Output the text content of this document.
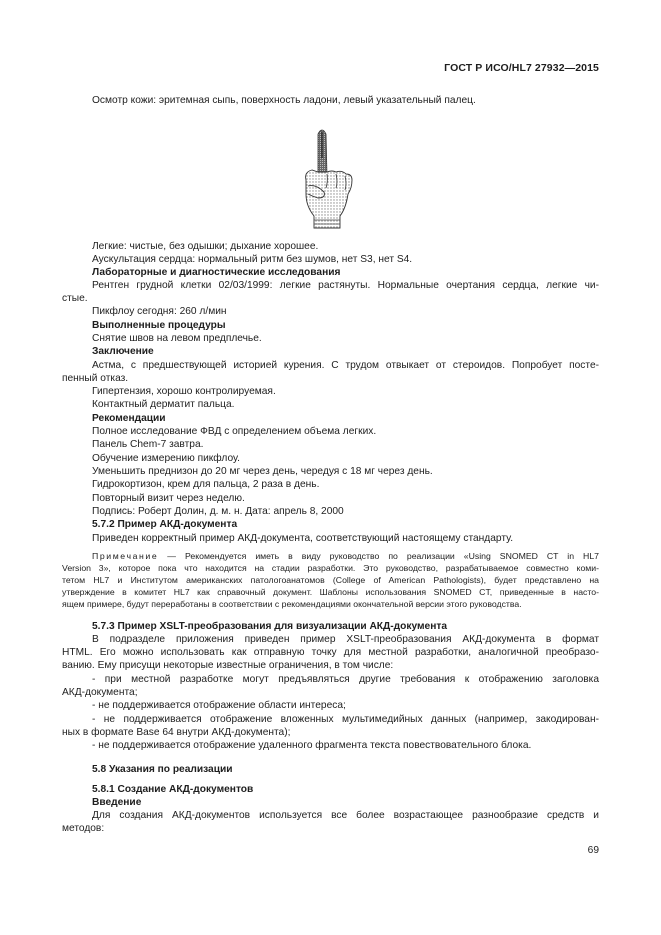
ГОСТ Р ИСО/HL7 27932—2015
Осмотр кожи: эритемная сыпь, поверхность ладони, левый указательный палец.
Легкие: чистые, без одышки; дыхание хорошее.
Аускультация сердца: нормальный ритм без шумов, нет S3, нет S4.
Лабораторные и диагностические исследования
Рентген грудной клетки 02/03/1999: легкие растянуты. Нормальные очертания сердца, легкие чи-
стые.
Пикфлоу сегодня: 260 л/мин
Выполненные процедуры
Снятие швов на левом предплечье.
Заключение
Астма, с предшествующей историей курения. С трудом отвыкает от стероидов. Попробует посте-
пенный отказ.
Гипертензия, хорошо контролируемая.
Контактный дерматит пальца.
Рекомендации
Полное исследование ФВД с определением объема легких.
Панель Chem-7 завтра.
Обучение измерению пикфлоу.
Уменьшить преднизон до 20 мг через день, чередуя с 18 мг через день.
Гидрокортизон, крем для пальца, 2 раза в день.
Повторный визит через неделю.
Подпись: Роберт Долин, д. м. н. Дата: апрель 8, 2000
5.7.2 Пример АКД-документа
Приведен корректный пример АКД-документа, соответствующий настоящему стандарту.
Примечание — Рекомендуется иметь в виду руководство по реализации «Using SNOMED CT in HL7
Version 3», которое пока что находится на стадии разработки. Это руководство, разрабатываемое совместно коми-
тетом HL7 и Институтом американских патологоанатомов (College of American Pathologists), будет представлено на
утверждение в комитет HL7 как справочный документ. Шаблоны использования SNOMED CT, приведенные в насто-
ящем примере, будут переработаны в соответствии с рекомендациями окончательной версии этого руководства.
5.7.3 Пример XSLT-преобразования для визуализации АКД-документа
В подразделе приложения приведен пример XSLT-преобразования АКД-документа в формат
HTML. Его можно использовать как отправную точку для местной разработки, аналогичной преобразо-
ванию. Ему присущи некоторые известные ограничения, в том числе:
- при местной разработке могут предъявляться другие требования к отображению заголовка
АКД-документа;
- не поддерживается отображение области интереса;
- не поддерживается отображение вложенных мультимедийных данных (например, закодирован-
ных в формате Base 64 внутри АКД-документа);
- не поддерживается отображение удаленного фрагмента текста повествовательного блока.
5.8 Указания по реализации
5.8.1 Создание АКД-документов
Введение
Для создания АКД-документов используется все более возрастающее разнообразие средств и
методов:
69
